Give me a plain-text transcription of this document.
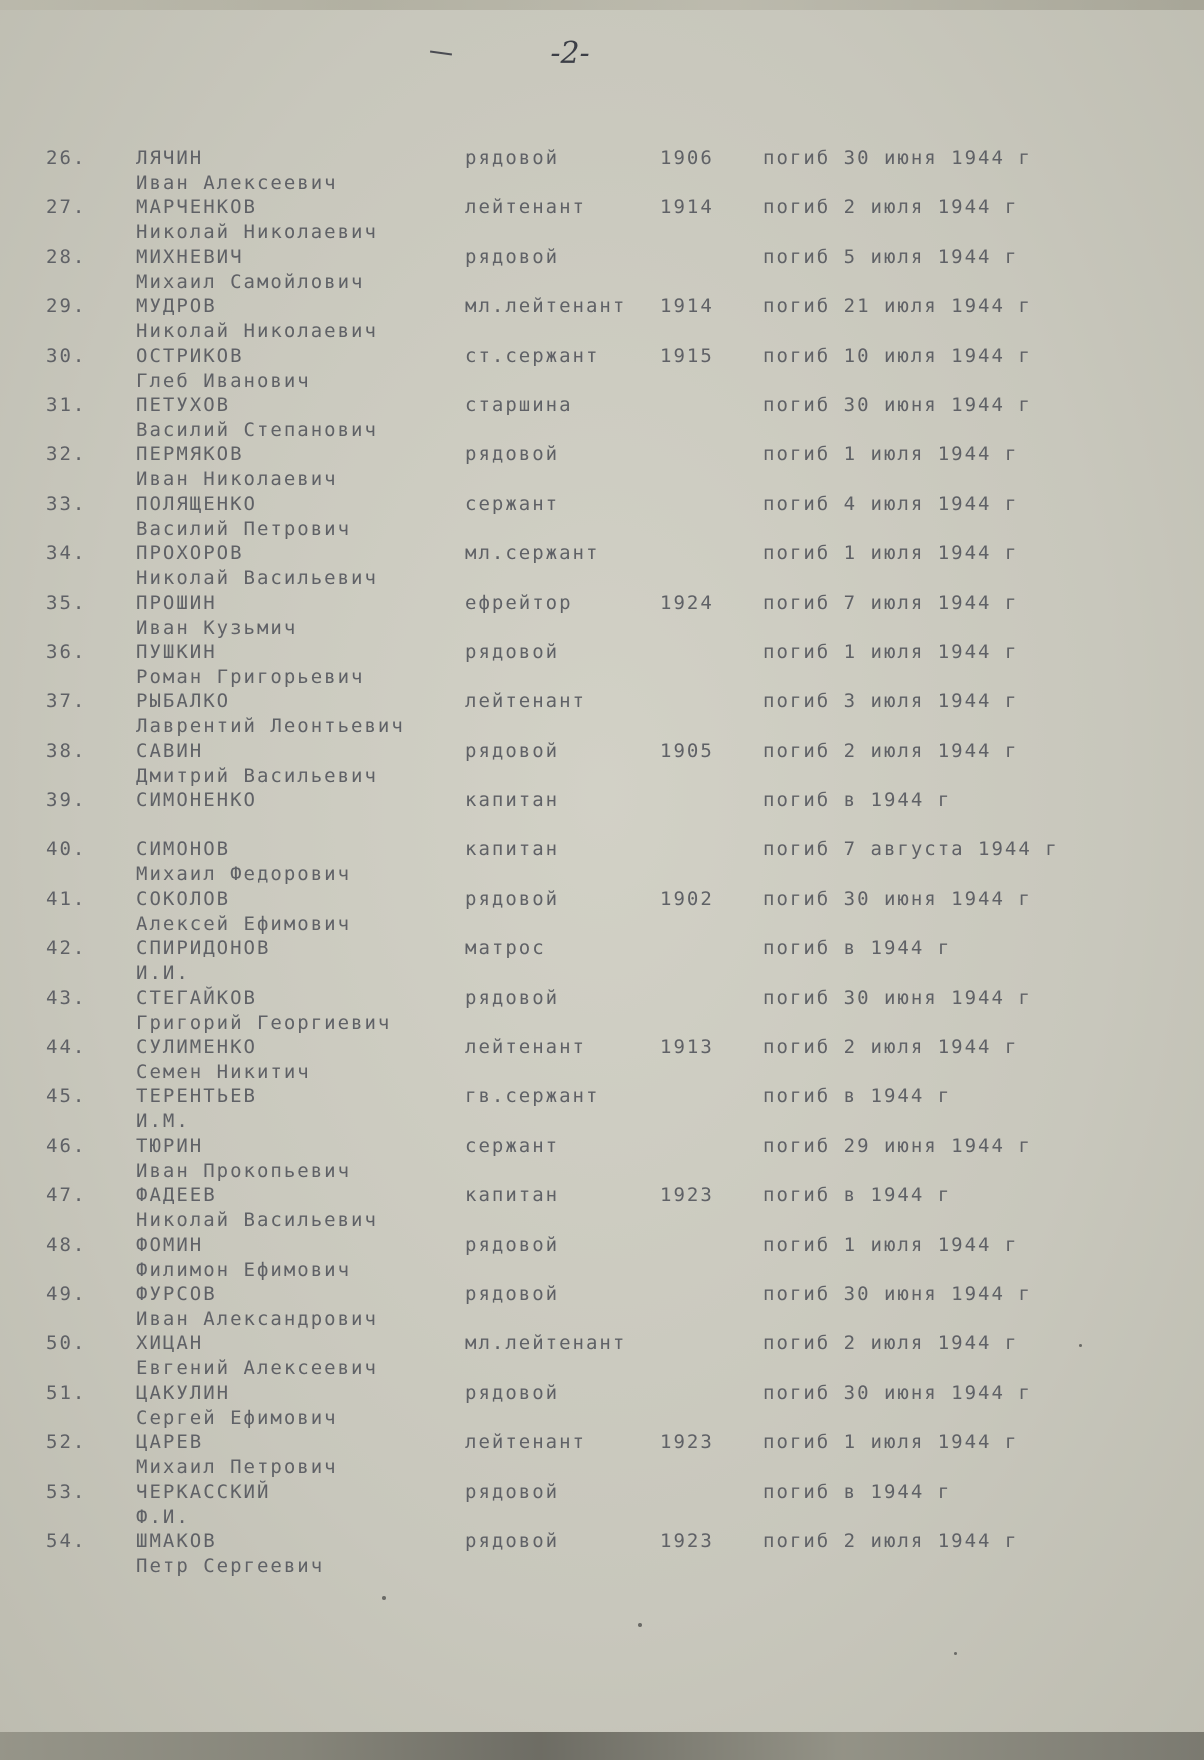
-2-
26.	ЛЯЧИН
Иван Алексеевич
рядовой	1906	погиб 30 июня 1944 г
27.	МАРЧЕНКОВ
Николай Николаевич
лейтенант	1914	погиб 2 июля 1944 г
28.	МИХНЕВИЧ
Михаил Самойлович
рядовой	погиб 5 июля 1944 г
29.	МУДРОВ
Николай Николаевич
мл.лейтенант 1914	погиб 21 июля 1944 г
30.	ОСТРИКОВ
Глеб Иванович
ст.сержант	1915	погиб 10 июля 1944 г
31.	ПЕТУХОВ
Василий Степанович
старшина	погиб 30 июня 1944 г
32.	ПЕРМЯКОВ
Иван Николаевич
рядовой	погиб 1 июля 1944 г
33.	ПОЛЯЩЕНКО
Василий Петрович
сержант	погиб 4 июля 1944 г
34.	ПРОХОРОВ
Николай Васильевич
мл.сержант	погиб 1 июля 1944 г
35.	ПРОШИН
Иван Кузьмич
ефрейтор	1924	погиб 7 июля 1944 г
36.	ПУШКИН
Роман Григорьевич
рядовой	погиб 1 июля 1944 г
37.	РЫБАЛКО
Лаврентий Леонтьевич
лейтенант	погиб 3 июля 1944 г
38.	САВИН
Дмитрий Васильевич
рядовой	1905	погиб 2 июля 1944 г
39.	СИМОНЕНКО	капитан	погиб в 1944 г
40.	СИМОНОВ
Михаил Федорович
капитан	погиб 7 августа 1944 г
41.	СОКОЛОВ
Алексей Ефимович
рядовой	1902	погиб 30 июня 1944 г
42.	СПИРИДОНОВ
И.И.
матрос	погиб в 1944 г
43.	СТЕГАЙКОВ
Григорий Георгиевич
рядовой	погиб 30 июня 1944 г
44.	СУЛИМЕНКО
Семен Никитич
лейтенант	1913	погиб 2 июля 1944 г
45.	ТЕРЕНТЬЕВ
И.М.
гв.сержант	погиб в 1944 г
46.	ТЮРИН
Иван Прокопьевич
сержант	погиб 29 июня 1944 г
47.	ФАДЕЕВ
Николай Васильевич
капитан	1923	погиб в 1944 г
48.	ФОМИН
Филимон Ефимович
рядовой	погиб 1 июля 1944 г
49.	ФУРСОВ
Иван Александрович
рядовой	погиб 30 июня 1944 г
50.	ХИЦАН
Евгений Алексеевич
мл.лейтенант	погиб 2 июля 1944 г
51.	ЦАКУЛИН
Сергей Ефимович
рядовой	погиб 30 июня 1944 г
52.	ЦАРЕВ
Михаил Петрович
лейтенант	1923	погиб 1 июля 1944 г
53.	ЧЕРКАССКИЙ
Ф.И.
рядовой	погиб в 1944 г
54.	ШМАКОВ
Петр Сергеевич
рядовой	1923	погиб 2 июля 1944 г
